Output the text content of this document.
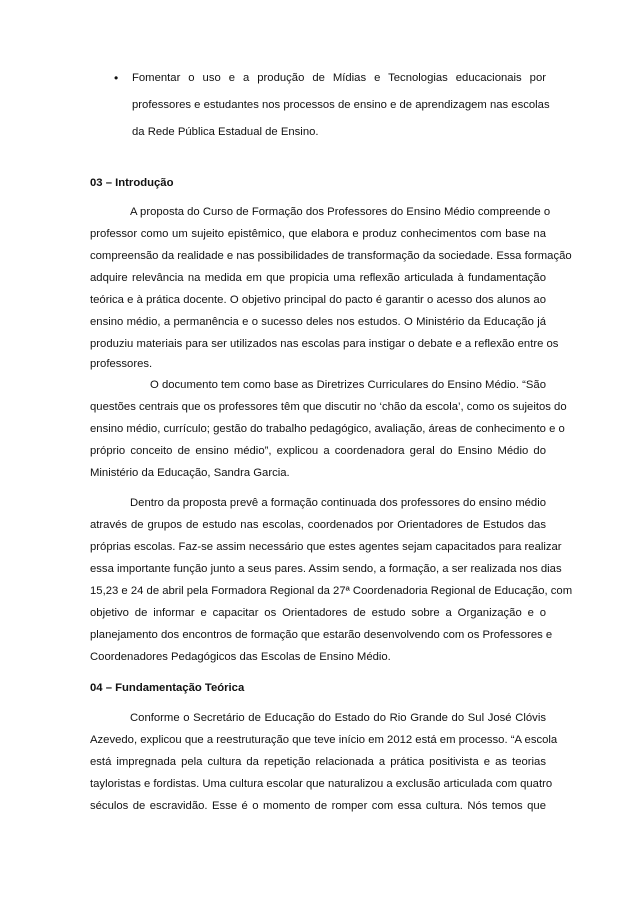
• Fomentar o uso e a produção de Mídias e Tecnologias educacionais por
professores e estudantes nos processos de ensino e de aprendizagem nas escolas
da Rede Pública Estadual de Ensino.
03 – Introdução
A proposta do Curso de Formação dos Professores do Ensino Médio compreende o
professor como um sujeito epistêmico, que elabora e produz conhecimentos com base na
compreensão da realidade e nas possibilidades de transformação da sociedade. Essa formação
adquire relevância na medida em que propicia uma reflexão articulada à fundamentação
teórica e à prática docente. O objetivo principal do pacto é garantir o acesso dos alunos ao
ensino médio, a permanência e o sucesso deles nos estudos. O Ministério da Educação já
produziu materiais para ser utilizados nas escolas para instigar o debate e a reflexão entre os
professores.
O documento tem como base as Diretrizes Curriculares do Ensino Médio. “São
questões centrais que os professores têm que discutir no ‘chão da escola’, como os sujeitos do
ensino médio, currículo; gestão do trabalho pedagógico, avaliação, áreas de conhecimento e o
próprio conceito de ensino médio”, explicou a coordenadora geral do Ensino Médio do
Ministério da Educação, Sandra Garcia.
Dentro da proposta prevê a formação continuada dos professores do ensino médio
através de grupos de estudo nas escolas, coordenados por Orientadores de Estudos das
próprias escolas. Faz-se assim necessário que estes agentes sejam capacitados para realizar
essa importante função junto a seus pares. Assim sendo, a formação, a ser realizada nos dias
15,23 e 24 de abril pela Formadora Regional da 27ª Coordenadoria Regional de Educação, com
objetivo de informar e capacitar os Orientadores de estudo sobre a Organização e o
planejamento dos encontros de formação que estarão desenvolvendo com os Professores e
Coordenadores Pedagógicos das Escolas de Ensino Médio.
04 – Fundamentação Teórica
Conforme o Secretário de Educação do Estado do Rio Grande do Sul José Clóvis
Azevedo, explicou que a reestruturação que teve início em 2012 está em processo. “A escola
está impregnada pela cultura da repetição relacionada a prática positivista e as teorias
tayloristas e fordistas. Uma cultura escolar que naturalizou a exclusão articulada com quatro
séculos de escravidão. Esse é o momento de romper com essa cultura. Nós temos que
